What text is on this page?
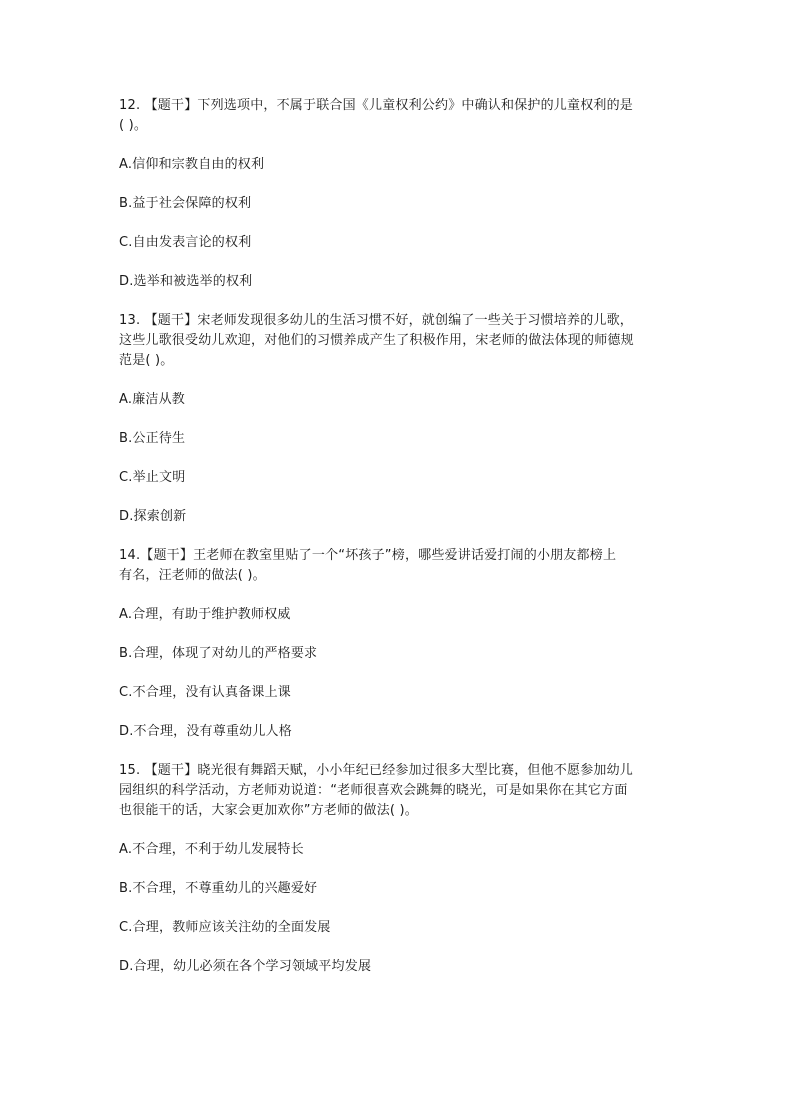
12. 【题干】下列选项中，不属于联合国《儿童权利公约》中确认和保护的儿童权利的是
( )。

A.信仰和宗教自由的权利

B.益于社会保障的权利

C.自由发表言论的权利

D.选举和被选举的权利

13. 【题干】宋老师发现很多幼儿的生活习惯不好，就创编了一些关于习惯培养的儿歌，
这些儿歌很受幼儿欢迎，对他们的习惯养成产生了积极作用，宋老师的做法体现的师德规
范是( )。

A.廉洁从教

B.公正待生

C.举止文明

D.探索创新

14.【题干】王老师在教室里贴了一个“坏孩子”榜，哪些爱讲话爱打闹的小朋友都榜上
有名，汪老师的做法( )。

A.合理，有助于维护教师权威

B.合理，体现了对幼儿的严格要求

C.不合理，没有认真备课上课

D.不合理，没有尊重幼儿人格

15. 【题干】晓光很有舞蹈天赋，小小年纪已经参加过很多大型比赛，但他不愿参加幼儿
园组织的科学活动，方老师劝说道：“老师很喜欢会跳舞的晓光，可是如果你在其它方面
也很能干的话，大家会更加欢你”方老师的做法( )。

A.不合理，不利于幼儿发展特长

B.不合理，不尊重幼儿的兴趣爱好

C.合理，教师应该关注幼的全面发展

D.合理，幼儿必须在各个学习领域平均发展
